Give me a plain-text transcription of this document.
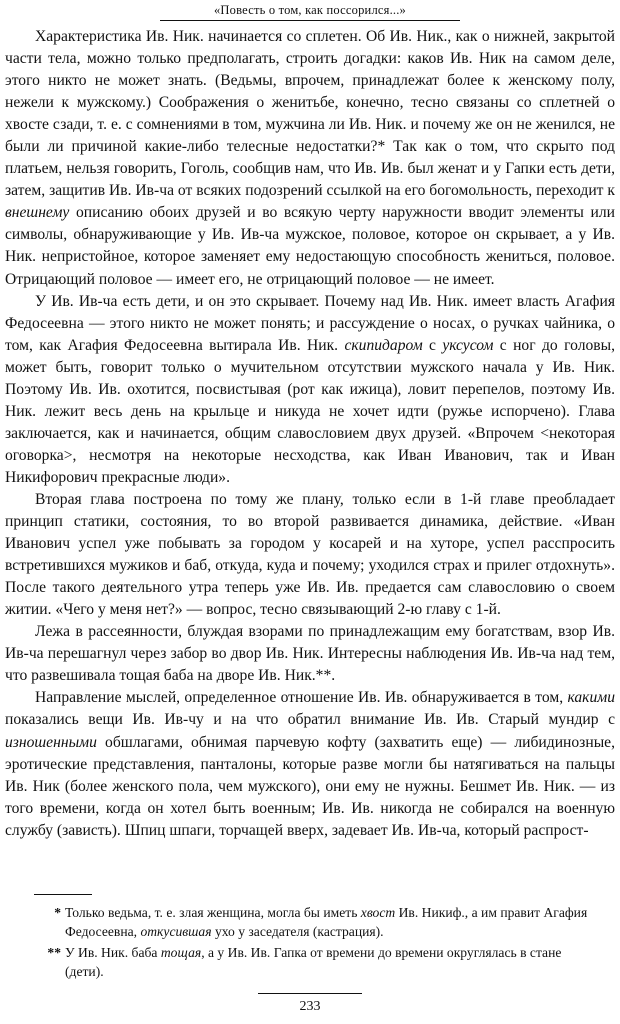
«Повесть о том, как поссорился...»

Характеристика Ив. Ник. начинается со сплетен. Об Ив. Ник., как о нижней, закрытой части тела, можно только предполагать, строить догадки: каков Ив. Ник на самом деле, этого никто не может знать. (Ведьмы, впрочем, принадлежат более к женскому полу, нежели к мужскому.) Соображения о женитьбе, конечно, тесно связаны со сплетней о хвосте сзади, т. е. с сомнениями в том, мужчина ли Ив. Ник. и почему же он не женился, не были ли причиной какие-либо телесные недостатки?* Так как о том, что скрыто под платьем, нельзя говорить, Гоголь, сообщив нам, что Ив. Ив. был женат и у Гапки есть дети, затем, защитив Ив. Ив-ча от всяких подозрений ссылкой на его богомольность, переходит к внешнему описанию обоих друзей и во всякую черту наружности вводит элементы или символы, обнаруживающие у Ив. Ив-ча мужское, половое, которое он скрывает, а у Ив. Ник. непристойное, которое заменяет ему недостающую способность жениться, половое. Отрицающий половое — имеет его, не отрицающий половое — не имеет.

У Ив. Ив-ча есть дети, и он это скрывает. Почему над Ив. Ник. имеет власть Агафия Федосеевна — этого никто не может понять; и рассуждение о носах, о ручках чайника, о том, как Агафия Федосеевна вытирала Ив. Ник. скипидаром с уксусом с ног до головы, может быть, говорит только о мучительном отсутствии мужского начала у Ив. Ник. Поэтому Ив. Ив. охотится, посвистывая (рот как ижица), ловит перепелов, поэтому Ив. Ник. лежит весь день на крыльце и никуда не хочет идти (ружье испорчено). Глава заключается, как и начинается, общим славословием двух друзей. «Впрочем <некоторая оговорка>, несмотря на некоторые несходства, как Иван Иванович, так и Иван Никифорович прекрасные люди».

Вторая глава построена по тому же плану, только если в 1-й главе преобладает принцип статики, состояния, то во второй развивается динамика, действие. «Иван Иванович успел уже побывать за городом у косарей и на хуторе, успел расспросить встретившихся мужиков и баб, откуда, куда и почему; уходился страх и прилег отдохнуть». После такого деятельного утра теперь уже Ив. Ив. предается сам славословию о своем житии. «Чего у меня нет?» — вопрос, тесно связывающий 2-ю главу с 1-й.

Лежа в рассеянности, блуждая взорами по принадлежащим ему богатствам, взор Ив. Ив-ча перешагнул через забор во двор Ив. Ник. Интересны наблюдения Ив. Ив-ча над тем, что развешивала тощая баба на дворе Ив. Ник.**.

Направление мыслей, определенное отношение Ив. Ив. обнаруживается в том, какими показались вещи Ив. Ив-чу и на что обратил внимание Ив. Ив. Старый мундир с изношенными обшлагами, обнимая парчевую кофту (захватить еще) — либидинозные, эротические представления, панталоны, которые разве могли бы натягиваться на пальцы Ив. Ник (более женского пола, чем мужского), они ему не нужны. Бешмет Ив. Ник. — из того времени, когда он хотел быть военным; Ив. Ив. никогда не собирался на военную службу (зависть). Шпиц шпаги, торчащей вверх, задевает Ив. Ив-ча, который распрост-

* Только ведьма, т. е. злая женщина, могла бы иметь хвост Ив. Никиф., а им правит Агафия Федосеевна, откусившая ухо у заседателя (кастрация).
** У Ив. Ник. баба тощая, а у Ив. Ив. Гапка от времени до времени округлялась в стане (дети).
233
